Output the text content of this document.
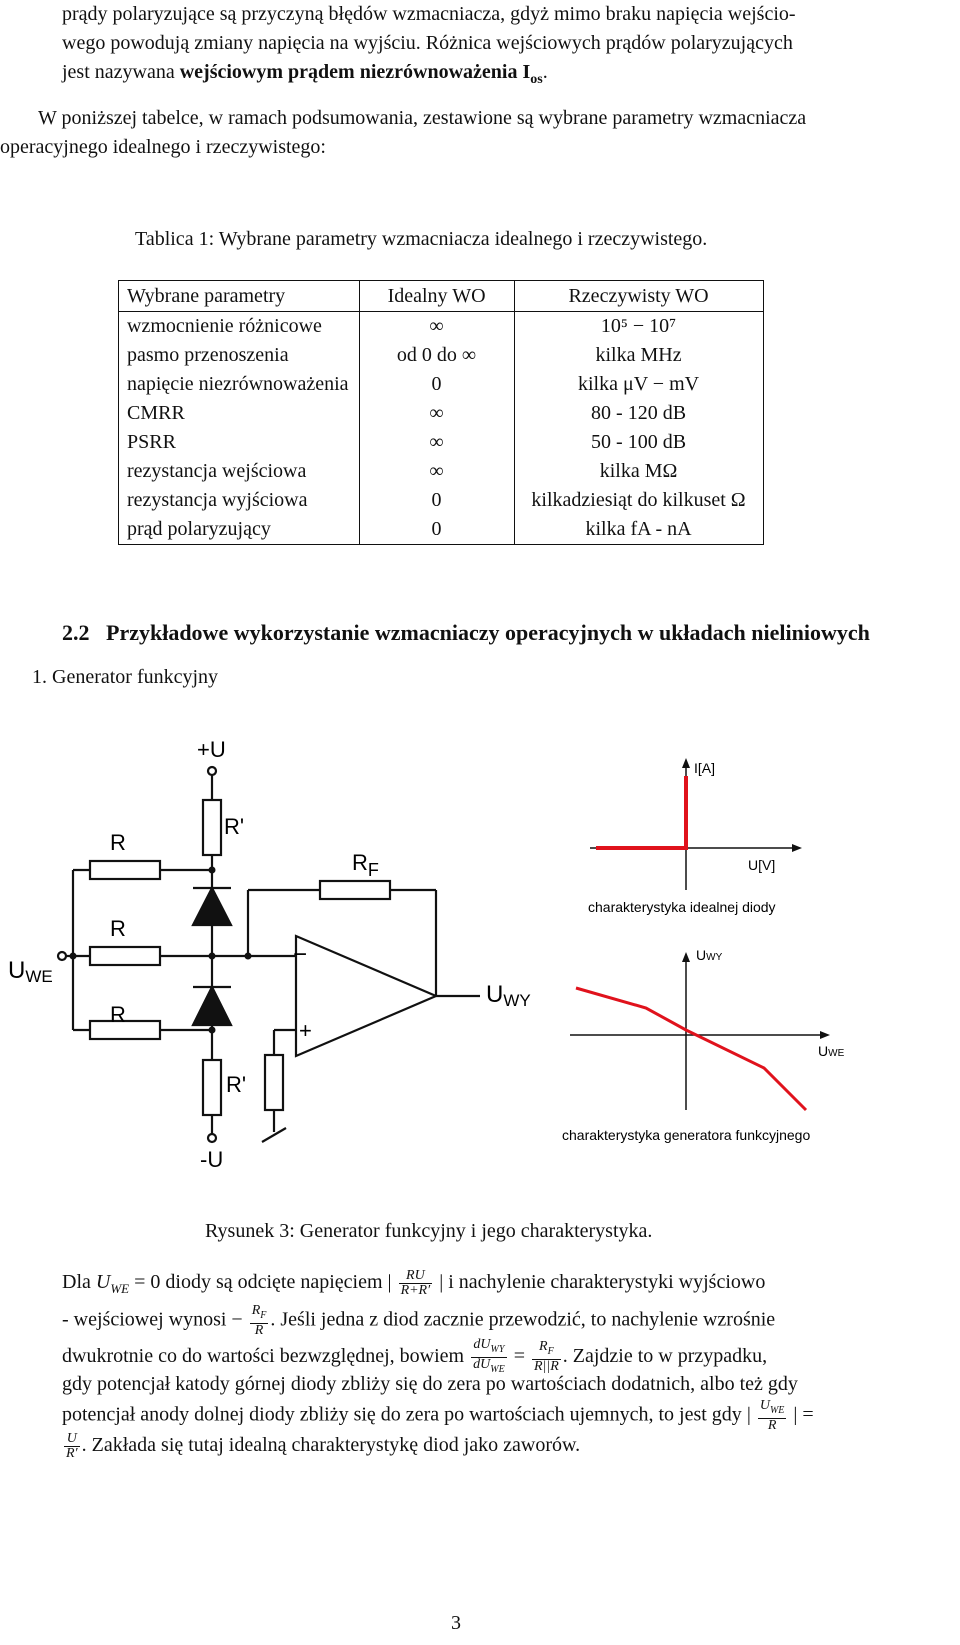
prądy polaryzujące są przyczyną błędów wzmacniacza, gdyż mimo braku napięcia wejścio-
wego powodują zmiany napięcia na wyjściu. Różnica wejściowych prądów polaryzujących
jest nazywana wejściowym prądem niezrównoważenia $I_{os}$.
W poniższej tabelce, w ramach podsumowania, zestawione są wybrane parametry wzmacniacza
operacyjnego idealnego i rzeczywistego:
Tablica 1: Wybrane parametry wzmacniacza idealnego i rzeczywistego.
Wybrane parametry	Idealny WO	Rzeczywisty WO
wzmocnienie różnicowe	∞	10⁵ − 10⁷
pasmo przenoszenia	od 0 do ∞	kilka MHz
napięcie niezrównoważenia	0	kilka μV − mV
CMRR	∞	80 - 120 dB
PSRR	∞	50 - 100 dB
rezystancja wejściowa	∞	kilka MΩ
rezystancja wyjściowa	0	kilkadziesiąt do kilkuset Ω
prąd polaryzujący	0	kilka fA - nA
2.2 Przykładowe wykorzystanie wzmacniaczy operacyjnych w układach nieliniowych
1. Generator funkcyjny
+U
-U
R
R
R
R'
R'
$R_F$
UWE
UWY
−
+
I[A]
U[V]
charakterystyka idealnej diody
UWY
UWE
charakterystyka generatora funkcyjnego
Rysunek 3: Generator funkcyjny i jego charakterystyka.
Dla $U_{WE} = 0$ diody są odcięte napięciem | $\frac{RU}{R+R'}$ | i nachylenie charakterystyki wyjściowo
- wejściowej wynosi − $\frac{R_F}{R}$ . Jeśli jedna z diod zacznie przewodzić, to nachylenie wzrośnie
dwukrotnie co do wartości bezwzględnej, bowiem $\frac{dU_{WY}}{dU_{WE}} = \frac{R_F}{R||R}$ . Zajdzie to w przypadku,
gdy potencjał katody górnej diody zbliży się do zera po wartościach dodatnich, albo też gdy
potencjał anody dolnej diody zbliży się do zera po wartościach ujemnych, to jest gdy | $\frac{U_{WE}}{R}$ | =
$\frac{U}{R'}$ . Zakłada się tutaj idealną charakterystykę diod jako zaworów.
3
